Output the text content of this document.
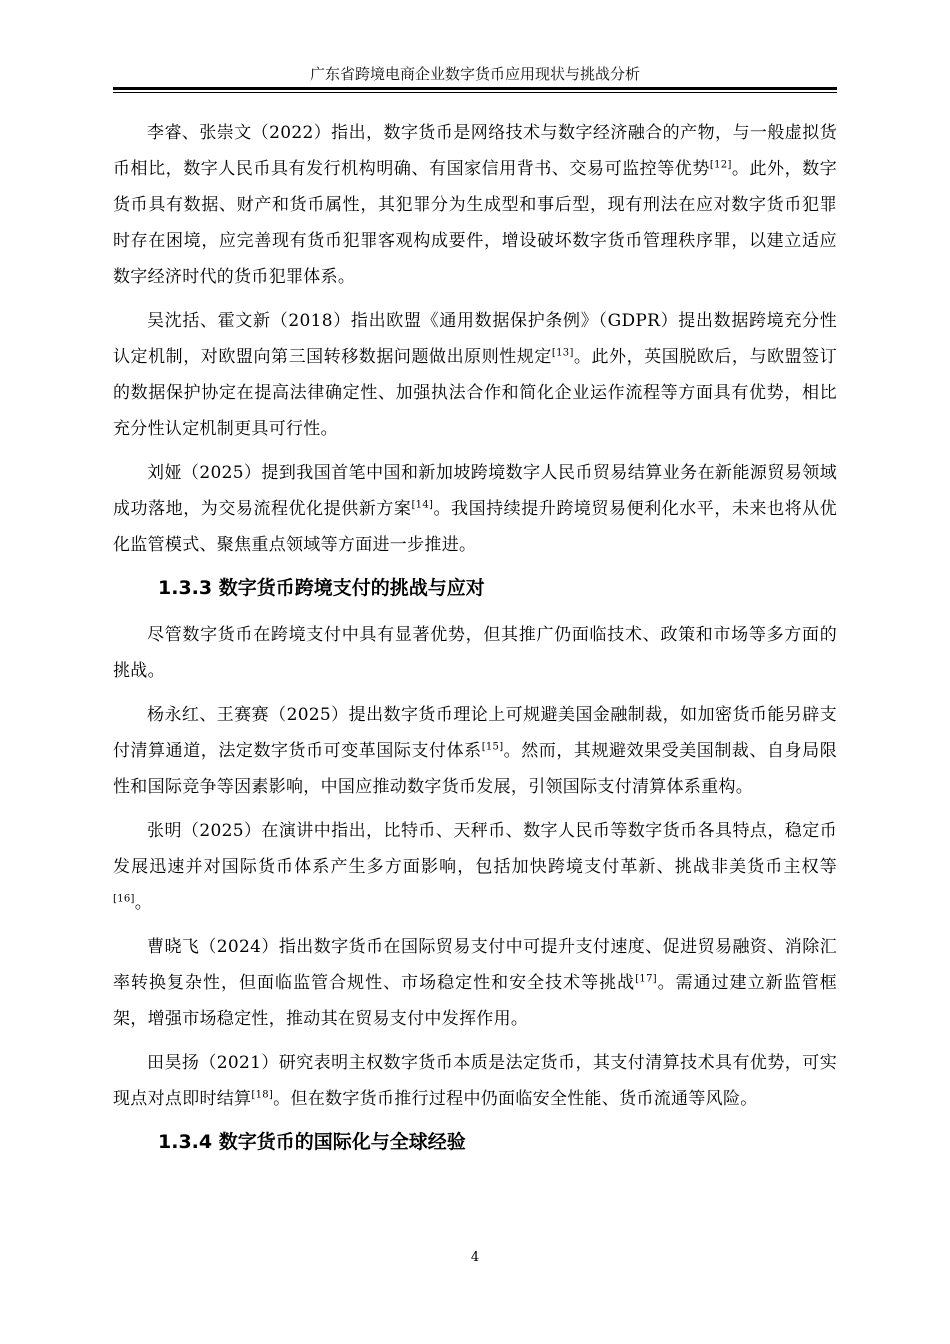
广东省跨境电商企业数字货币应用现状与挑战分析

李睿、张崇文（2022）指出，数字货币是网络技术与数字经济融合的产物，与一般虚拟货币相比，数字人民币具有发行机构明确、有国家信用背书、交易可监控等优势[12]。此外，数字货币具有数据、财产和货币属性，其犯罪分为生成型和事后型，现有刑法在应对数字货币犯罪时存在困境，应完善现有货币犯罪客观构成要件，增设破坏数字货币管理秩序罪，以建立适应数字经济时代的货币犯罪体系。

吴沈括、霍文新（2018）指出欧盟《通用数据保护条例》（GDPR）提出数据跨境充分性认定机制，对欧盟向第三国转移数据问题做出原则性规定[13]。此外，英国脱欧后，与欧盟签订的数据保护协定在提高法律确定性、加强执法合作和简化企业运作流程等方面具有优势，相比充分性认定机制更具可行性。

刘娅（2025）提到我国首笔中国和新加坡跨境数字人民币贸易结算业务在新能源贸易领域成功落地，为交易流程优化提供新方案[14]。我国持续提升跨境贸易便利化水平，未来也将从优化监管模式、聚焦重点领域等方面进一步推进。

1.3.3 数字货币跨境支付的挑战与应对

尽管数字货币在跨境支付中具有显著优势，但其推广仍面临技术、政策和市场等多方面的挑战。

杨永红、王赛赛（2025）提出数字货币理论上可规避美国金融制裁，如加密货币能另辟支付清算通道，法定数字货币可变革国际支付体系[15]。然而，其规避效果受美国制裁、自身局限性和国际竞争等因素影响，中国应推动数字货币发展，引领国际支付清算体系重构。

张明（2025）在演讲中指出，比特币、天秤币、数字人民币等数字货币各具特点，稳定币发展迅速并对国际货币体系产生多方面影响，包括加快跨境支付革新、挑战非美货币主权等[16]。

曹晓飞（2024）指出数字货币在国际贸易支付中可提升支付速度、促进贸易融资、消除汇率转换复杂性，但面临监管合规性、市场稳定性和安全技术等挑战[17]。需通过建立新监管框架，增强市场稳定性，推动其在贸易支付中发挥作用。

田昊扬（2021）研究表明主权数字货币本质是法定货币，其支付清算技术具有优势，可实现点对点即时结算[18]。但在数字货币推行过程中仍面临安全性能、货币流通等风险。

1.3.4 数字货币的国际化与全球经验
4
